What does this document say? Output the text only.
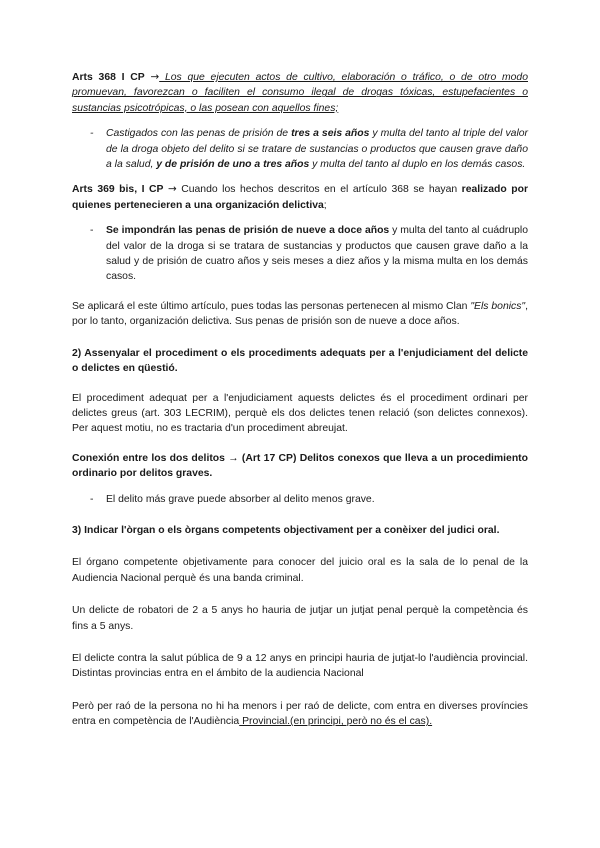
Arts 368 I CP → Los que ejecuten actos de cultivo, elaboración o tráfico, o de otro modo promuevan, favorezcan o faciliten el consumo ilegal de drogas tóxicas, estupefacientes o sustancias psicotrópicas, o las posean con aquellos fines;

- Castigados con las penas de prisión de tres a seis años y multa del tanto al triple del valor de la droga objeto del delito si se tratare de sustancias o productos que causen grave daño a la salud, y de prisión de uno a tres años y multa del tanto al duplo en los demás casos.

Arts 369 bis, I CP → Cuando los hechos descritos en el artículo 368 se hayan realizado por quienes pertenecieren a una organización delictiva;

- Se impondrán las penas de prisión de nueve a doce años y multa del tanto al cuádruplo del valor de la droga si se tratara de sustancias y productos que causen grave daño a la salud y de prisión de cuatro años y seis meses a diez años y la misma multa en los demás casos.

Se aplicará el este último artículo, pues todas las personas pertenecen al mismo Clan "Els bonics", por lo tanto, organización delictiva. Sus penas de prisión son de nueve a doce años.

2) Assenyalar el procediment o els procediments adequats per a l'enjudiciament del delicte o delictes en qüestió.

El procediment adequat per a l'enjudiciament aquests delictes és el procediment ordinari per delictes greus (art. 303 LECRIM), perquè els dos delictes tenen relació (son delictes connexos). Per aquest motiu, no es tractaria d'un procediment abreujat.

Conexión entre los dos delitos → (Art 17 CP) Delitos conexos que lleva a un procedimiento ordinario por delitos graves.

- El delito más grave puede absorber al delito menos grave.

3) Indicar l'òrgan o els òrgans competents objectivament per a conèixer del judici oral.

El órgano competente objetivamente para conocer del juicio oral es la sala de lo penal de la Audiencia Nacional perquè és una banda criminal.

Un delicte de robatori de 2 a 5 anys ho hauria de jutjar un jutjat penal perquè la competència és fins a 5 anys.

El delicte contra la salut pública de 9 a 12 anys en principi hauria de jutjat-lo l'audiència provincial. Distintas provincias entra en el ámbito de la audiencia Nacional

Però per raó de la persona no hi ha menors i per raó de delicte, com entra en diverses províncies entra en competència de l'Audiència Provincial.(en principi, però no és el cas).
